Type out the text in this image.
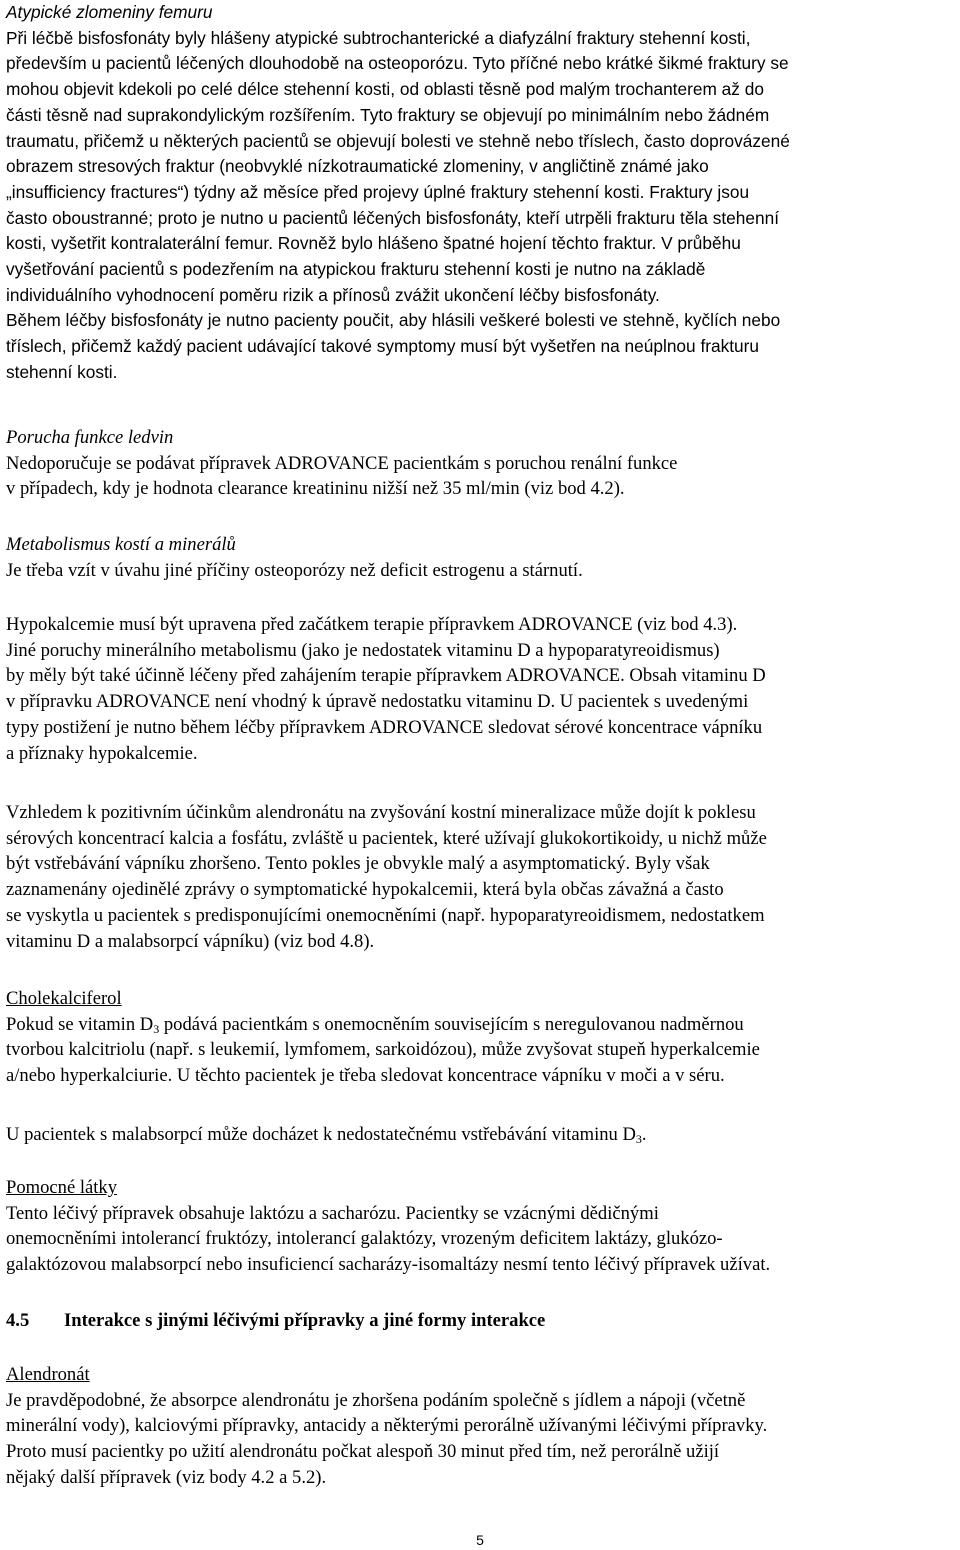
Atypické zlomeniny femuru

Při léčbě bisfosfonáty byly hlášeny atypické subtrochanterické a diafyzální fraktury stehenní kosti,

především u pacientů léčených dlouhodobě na osteoporózu. Tyto příčné nebo krátké šikmé fraktury se

mohou objevit kdekoli po celé délce stehenní kosti, od oblasti těsně pod malým trochanterem až do

části těsně nad suprakondylickým rozšířením. Tyto fraktury se objevují po minimálním nebo žádném

traumatu, přičemž u některých pacientů se objevují bolesti ve stehně nebo tříslech, často doprovázené

obrazem stresových fraktur (neobvyklé nízkotraumatické zlomeniny, v angličtině známé jako

„insufficiency fractures“) týdny až měsíce před projevy úplné fraktury stehenní kosti. Fraktury jsou

často oboustranné; proto je nutno u pacientů léčených bisfosfonáty, kteří utrpěli frakturu těla stehenní

kosti, vyšetřit kontralaterální femur. Rovněž bylo hlášeno špatné hojení těchto fraktur. V průběhu

vyšetřování pacientů s podezřením na atypickou frakturu stehenní kosti je nutno na základě

individuálního vyhodnocení poměru rizik a přínosů zvážit ukončení léčby bisfosfonáty.

Během léčby bisfosfonáty je nutno pacienty poučit, aby hlásili veškeré bolesti ve stehně, kyčlích nebo

tříslech, přičemž každý pacient udávající takové symptomy musí být vyšetřen na neúplnou frakturu

stehenní kosti.

Porucha funkce ledvin

Nedoporučuje se podávat přípravek ADROVANCE pacientkám s poruchou renální funkce

v případech, kdy je hodnota clearance kreatininu nižší než 35 ml/min (viz bod 4.2).

Metabolismus kostí a minerálů

Je třeba vzít v úvahu jiné příčiny osteoporózy než deficit estrogenu a stárnutí.

Hypokalcemie musí být upravena před začátkem terapie přípravkem ADROVANCE (viz bod 4.3).

Jiné poruchy minerálního metabolismu (jako je nedostatek vitaminu D a hypoparatyreoidismus)

by měly být také účinně léčeny před zahájením terapie přípravkem ADROVANCE. Obsah vitaminu D

v přípravku ADROVANCE není vhodný k úpravě nedostatku vitaminu D. U pacientek s uvedenými

typy postižení je nutno během léčby přípravkem ADROVANCE sledovat sérové koncentrace vápníku

a příznaky hypokalcemie.

Vzhledem k pozitivním účinkům alendronátu na zvyšování kostní mineralizace může dojít k poklesu

sérových koncentrací kalcia a fosfátu, zvláště u pacientek, které užívají glukokortikoidy, u nichž může

být vstřebávání vápníku zhoršeno. Tento pokles je obvykle malý a asymptomatický. Byly však

zaznamenány ojedinělé zprávy o symptomatické hypokalcemii, která byla občas závažná a často

se vyskytla u pacientek s predisponujícími onemocněními (např. hypoparatyreoidismem, nedostatkem

vitaminu D a malabsorpcí vápníku) (viz bod 4.8).

Cholekalciferol

Pokud se vitamin $D_3$ podává pacientkám s onemocněním souvisejícím s neregulovanou nadměrnou

tvorbou kalcitriolu (např. s leukemií, lymfomem, sarkoidózou), může zvyšovat stupeň hyperkalcemie

a/nebo hyperkalciurie. U těchto pacientek je třeba sledovat koncentrace vápníku v moči a v séru.

U pacientek s malabsorpcí může docházet k nedostatečnému vstřebávání vitaminu $D_3$.

Pomocné látky

Tento léčivý přípravek obsahuje laktózu a sacharózu. Pacientky se vzácnými dědičnými

onemocněními intolerancí fruktózy, intolerancí galaktózy, vrozeným deficitem laktázy, glukózo-

galaktózovou malabsorpcí nebo insuficiencí sacharázy-isomaltázy nesmí tento léčivý přípravek užívat.

4.5 Interakce s jinými léčivými přípravky a jiné formy interakce

Alendronát

Je pravděpodobné, že absorpce alendronátu je zhoršena podáním společně s jídlem a nápoji (včetně

minerální vody), kalciovými přípravky, antacidy a některými perorálně užívanými léčivými přípravky.

Proto musí pacientky po užití alendronátu počkat alespoň 30 minut před tím, než perorálně užijí

nějaký další přípravek (viz body 4.2 a 5.2).

5
